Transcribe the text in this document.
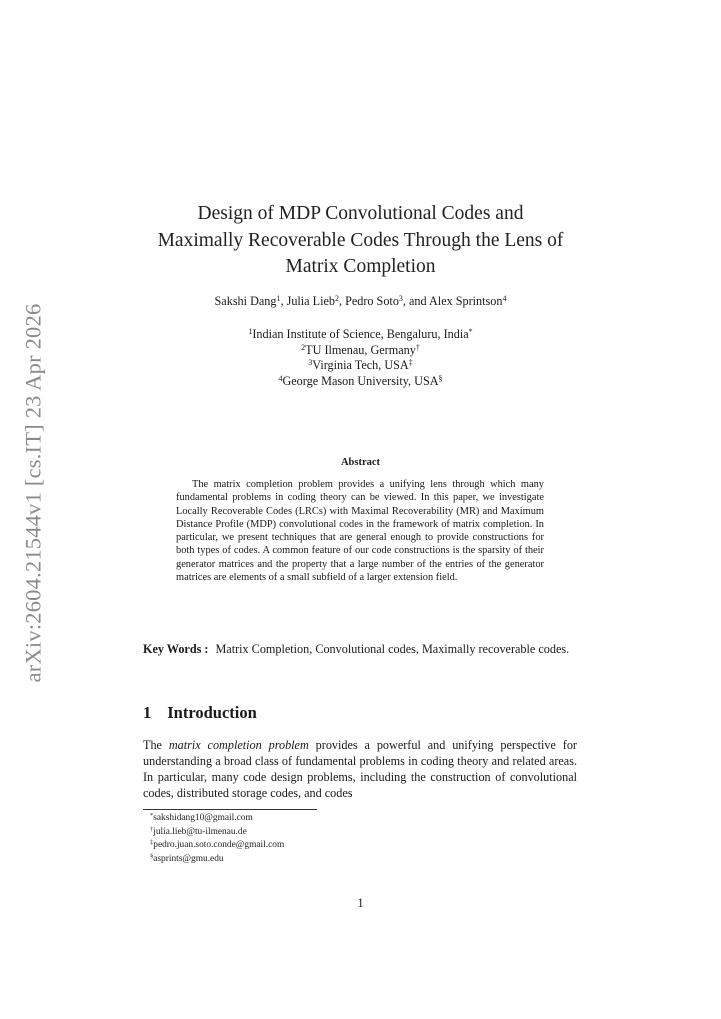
arXiv:2604.21544v1 [cs.IT] 23 Apr 2026
Design of MDP Convolutional Codes and
Maximally Recoverable Codes Through the Lens of
Matrix Completion
Sakshi Dang$^1$, Julia Lieb$^2$, Pedro Soto$^3$, and Alex Sprintson$^4$
$^1$Indian Institute of Science, Bengaluru, India*
$^2$TU Ilmenau, Germany†
$^3$Virginia Tech, USA‡
$^4$George Mason University, USA§
Abstract

The matrix completion problem provides a unifying lens through which many fundamental problems in coding theory can be viewed. In this paper, we investigate Locally Recoverable Codes (LRCs) with Maximal Recoverability (MR) and Maximum Distance Profile (MDP) convolutional codes in the framework of matrix completion. In particular, we present techniques that are general enough to provide constructions for both types of codes. A common feature of our code constructions is the sparsity of their generator matrices and the property that a large number of the entries of the generator matrices are elements of a small subfield of a larger extension field.

Key Words : Matrix Completion, Convolutional codes, Maximally recoverable codes.

1 Introduction

The matrix completion problem provides a powerful and unifying perspective for understanding a broad class of fundamental problems in coding theory and related areas. In particular, many code design problems, including the construction of convolutional codes, distributed storage codes, and codes

*sakshidang10@gmail.com
†julia.lieb@tu-ilmenau.de
‡pedro.juan.soto.conde@gmail.com
§asprints@gmu.edu
1
